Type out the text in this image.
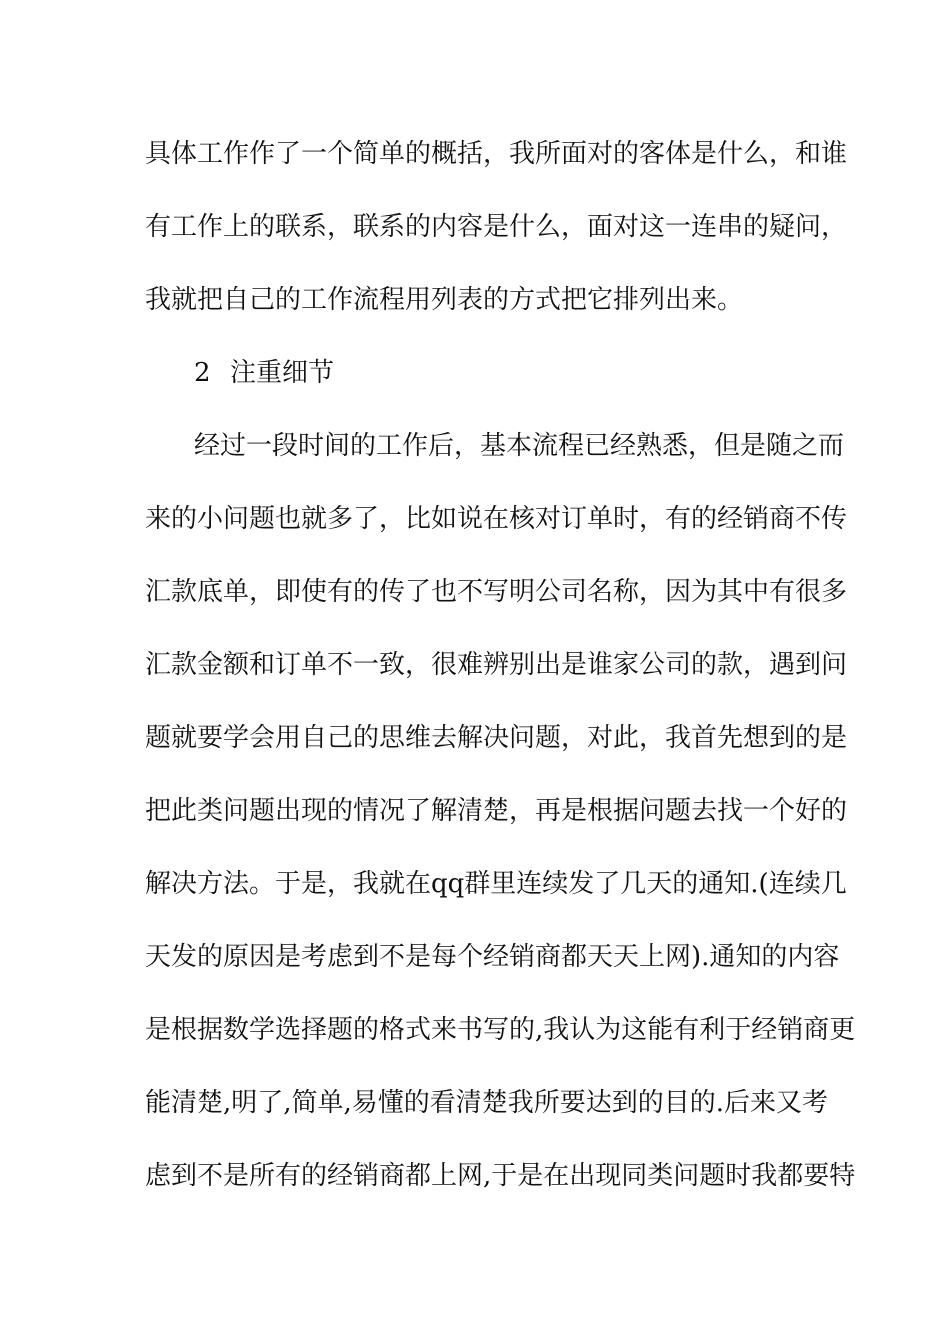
具体工作作了一个简单的概括，我所面对的客体是什么，和谁
有工作上的联系，联系的内容是什么，面对这一连串的疑问，
我就把自己的工作流程用列表的方式把它排列出来。
2 注重细节
经过一段时间的工作后，基本流程已经熟悉，但是随之而
来的小问题也就多了，比如说在核对订单时，有的经销商不传
汇款底单，即使有的传了也不写明公司名称，因为其中有很多
汇款金额和订单不一致，很难辨别出是谁家公司的款，遇到问
题就要学会用自己的思维去解决问题，对此，我首先想到的是
把此类问题出现的情况了解清楚，再是根据问题去找一个好的
解决方法。于是，我就在qq群里连续发了几天的通知.(连续几
天发的原因是考虑到不是每个经销商都天天上网).通知的内容
是根据数学选择题的格式来书写的,我认为这能有利于经销商更
能清楚,明了,简单,易懂的看清楚我所要达到的目的.后来又考
虑到不是所有的经销商都上网,于是在出现同类问题时我都要特
